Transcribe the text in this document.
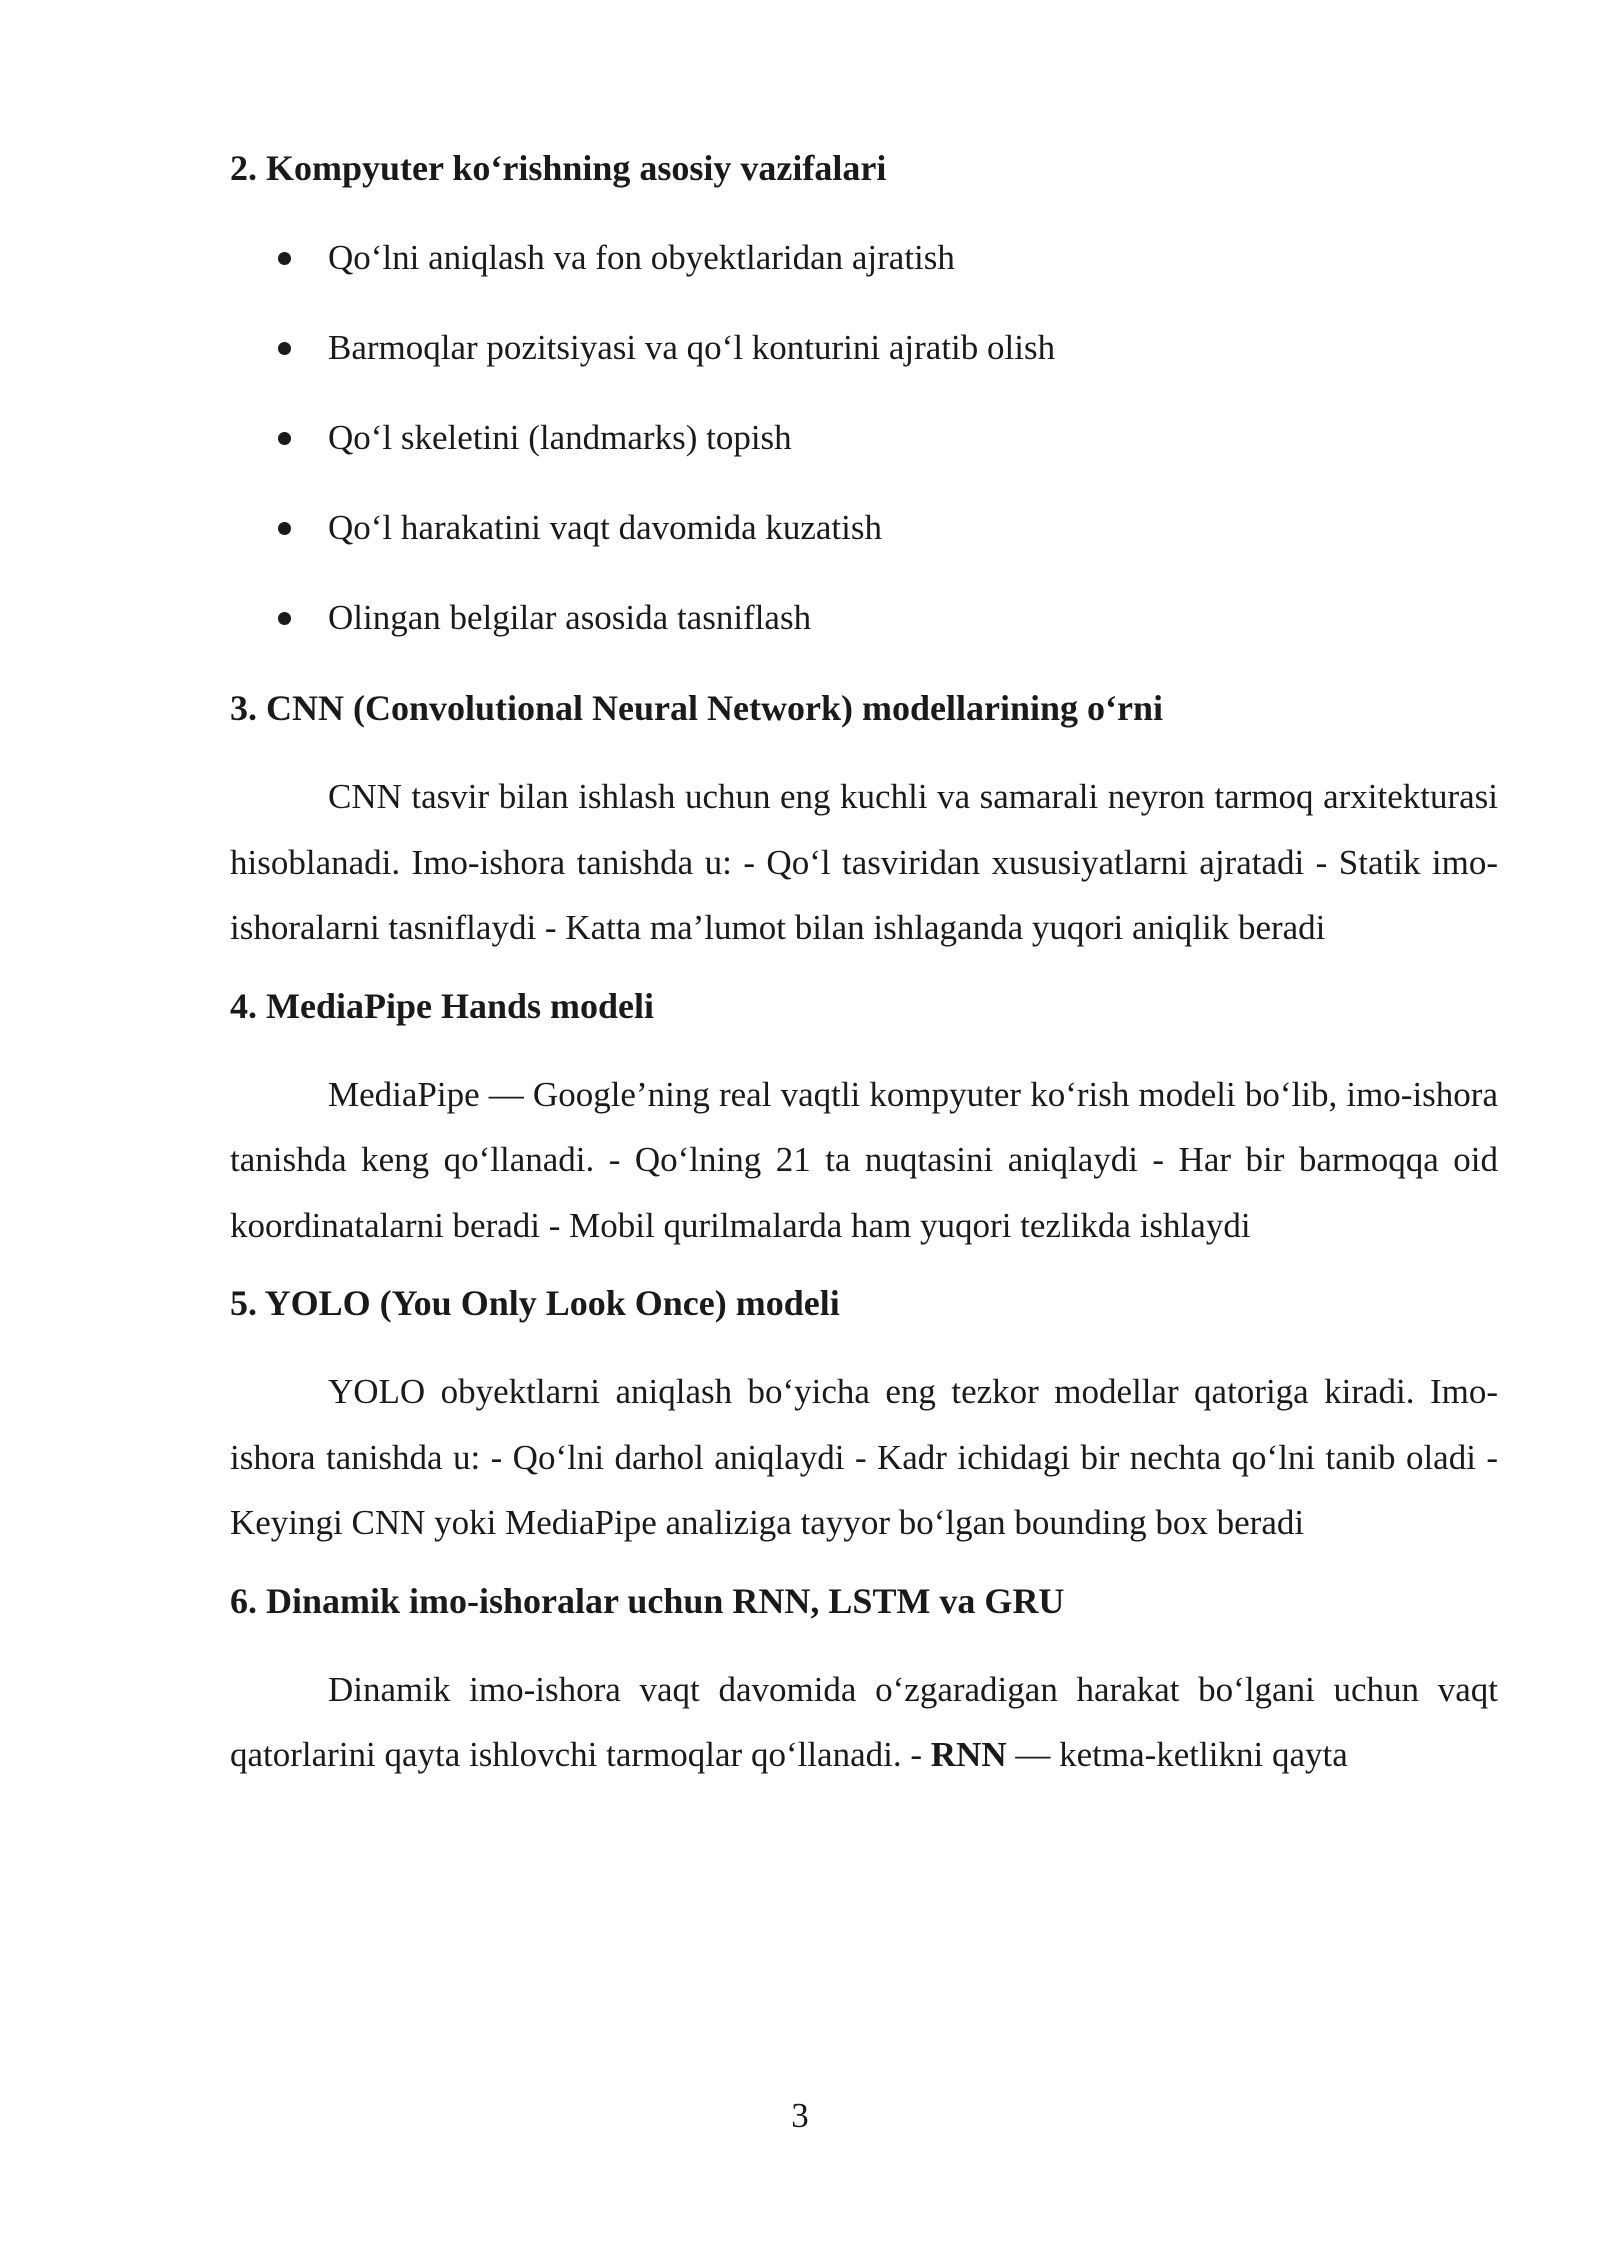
2. Kompyuter ko‘rishning asosiy vazifalari

Qo‘lni aniqlash va fon obyektlaridan ajratish
Barmoqlar pozitsiyasi va qo‘l konturini ajratib olish
Qo‘l skeletini (landmarks) topish
Qo‘l harakatini vaqt davomida kuzatish
Olingan belgilar asosida tasniflash

3. CNN (Convolutional Neural Network) modellarining o‘rni

CNN tasvir bilan ishlash uchun eng kuchli va samarali neyron tarmoq arxitekturasi hisoblanadi. Imo-ishora tanishda u: - Qo‘l tasviridan xususiyatlarni ajratadi - Statik imo-ishoralarni tasniflaydi - Katta ma’lumot bilan ishlaganda yuqori aniqlik beradi

4. MediaPipe Hands modeli

MediaPipe — Google’ning real vaqtli kompyuter ko‘rish modeli bo‘lib, imo-ishora tanishda keng qo‘llanadi. - Qo‘lning 21 ta nuqtasini aniqlaydi - Har bir barmoqqa oid koordinatalarni beradi - Mobil qurilmalarda ham yuqori tezlikda ishlaydi

5. YOLO (You Only Look Once) modeli

YOLO obyektlarni aniqlash bo‘yicha eng tezkor modellar qatoriga kiradi. Imo-ishora tanishda u: - Qo‘lni darhol aniqlaydi - Kadr ichidagi bir nechta qo‘lni tanib oladi - Keyingi CNN yoki MediaPipe analiziga tayyor bo‘lgan bounding box beradi

6. Dinamik imo-ishoralar uchun RNN, LSTM va GRU

Dinamik imo-ishora vaqt davomida o‘zgaradigan harakat bo‘lgani uchun vaqt qatorlarini qayta ishlovchi tarmoqlar qo‘llanadi. - RNN — ketma-ketlikni qayta

3
